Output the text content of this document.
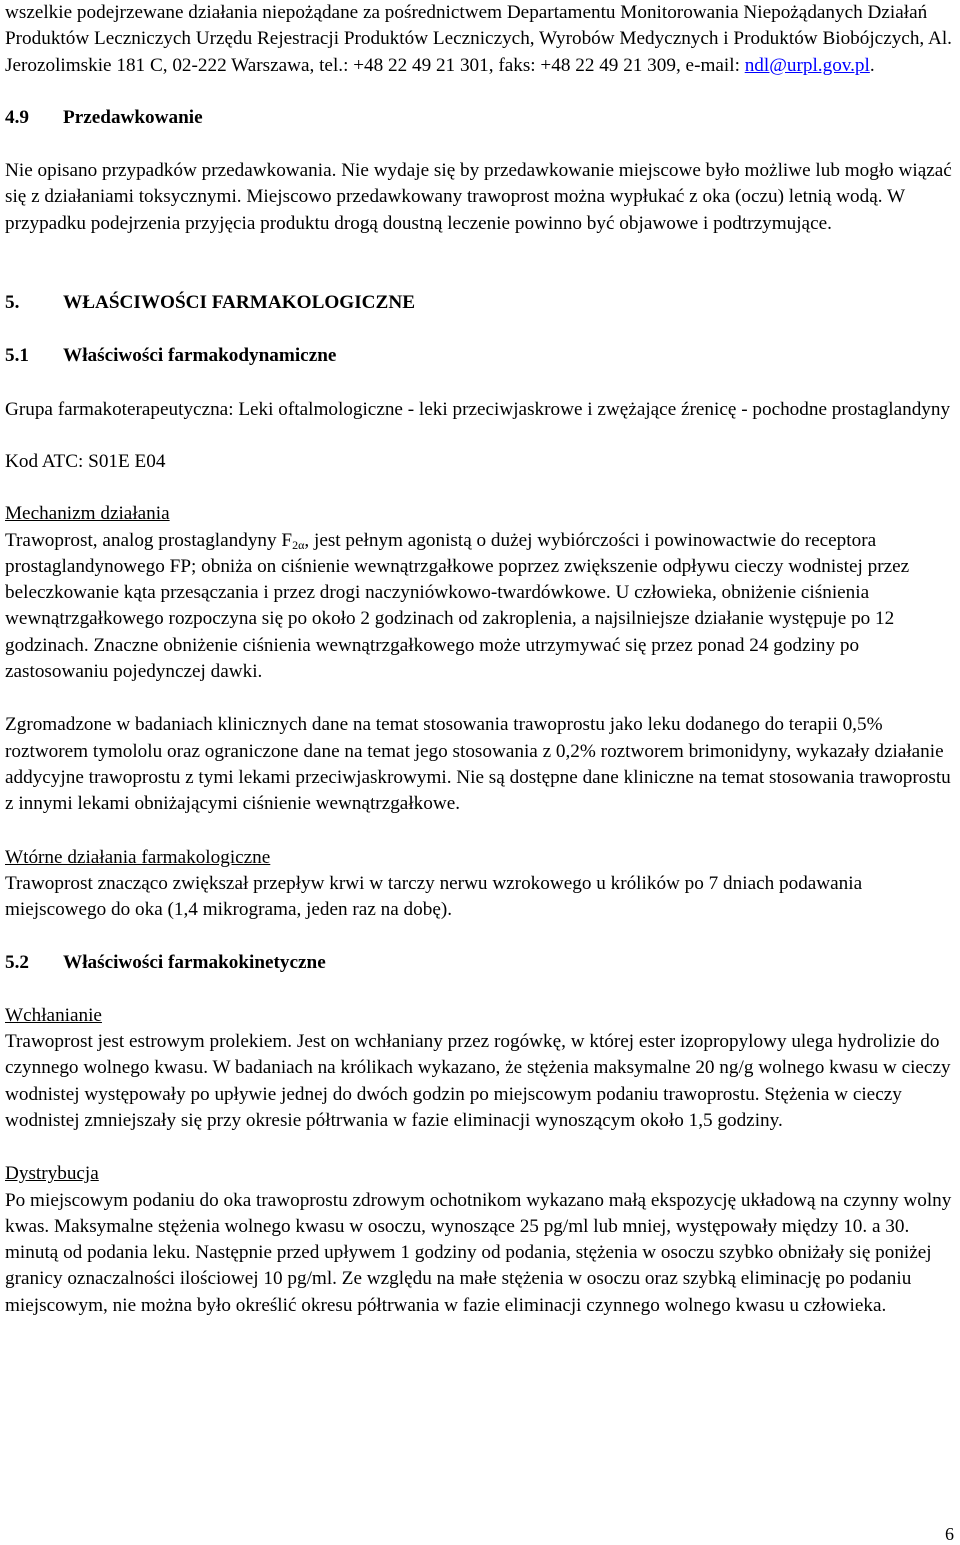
wszelkie podejrzewane działania niepożądane za pośrednictwem Departamentu Monitorowania Niepożądanych Działań Produktów Leczniczych Urzędu Rejestracji Produktów Leczniczych, Wyrobów Medycznych i Produktów Biobójczych, Al. Jerozolimskie 181 C, 02-222 Warszawa, tel.: +48 22 49 21 301, faks: +48 22 49 21 309, e-mail: ndl@urpl.gov.pl.

4.9 Przedawkowanie

Nie opisano przypadków przedawkowania. Nie wydaje się by przedawkowanie miejscowe było możliwe lub mogło wiązać się z działaniami toksycznymi. Miejscowo przedawkowany trawoprost można wypłukać z oka (oczu) letnią wodą. W przypadku podejrzenia przyjęcia produktu drogą doustną leczenie powinno być objawowe i podtrzymujące.

5. WŁAŚCIWOŚCI FARMAKOLOGICZNE

5.1 Właściwości farmakodynamiczne

Grupa farmakoterapeutyczna: Leki oftalmologiczne - leki przeciwjaskrowe i zwężające źrenicę - pochodne prostaglandyny

Kod ATC: S01E E04

Mechanizm działania

Trawoprost, analog prostaglandyny $F_{2\alpha}$, jest pełnym agonistą o dużej wybiórczości i powinowactwie do receptora prostaglandynowego FP; obniża on ciśnienie wewnątrzgałkowe poprzez zwiększenie odpływu cieczy wodnistej przez beleczkowanie kąta przesączania i przez drogi naczyniówkowo-twardówkowe. U człowieka, obniżenie ciśnienia wewnątrzgałkowego rozpoczyna się po około 2 godzinach od zakroplenia, a najsilniejsze działanie występuje po 12 godzinach. Znaczne obniżenie ciśnienia wewnątrzgałkowego może utrzymywać się przez ponad 24 godziny po zastosowaniu pojedynczej dawki.

Zgromadzone w badaniach klinicznych dane na temat stosowania trawoprostu jako leku dodanego do terapii 0,5% roztworem tymololu oraz ograniczone dane na temat jego stosowania z 0,2% roztworem brimonidyny, wykazały działanie addycyjne trawoprostu z tymi lekami przeciwjaskrowymi. Nie są dostępne dane kliniczne na temat stosowania trawoprostu z innymi lekami obniżającymi ciśnienie wewnątrzgałkowe.

Wtórne działania farmakologiczne

Trawoprost znacząco zwiększał przepływ krwi w tarczy nerwu wzrokowego u królików po 7 dniach podawania miejscowego do oka (1,4 mikrograma, jeden raz na dobę).

5.2 Właściwości farmakokinetyczne

Wchłanianie

Trawoprost jest estrowym prolekiem. Jest on wchłaniany przez rogówkę, w której ester izopropylowy ulega hydrolizie do czynnego wolnego kwasu. W badaniach na królikach wykazano, że stężenia maksymalne 20 ng/g wolnego kwasu w cieczy wodnistej występowały po upływie jednej do dwóch godzin po miejscowym podaniu trawoprostu. Stężenia w cieczy wodnistej zmniejszały się przy okresie półtrwania w fazie eliminacji wynoszącym około 1,5 godziny.

Dystrybucja

Po miejscowym podaniu do oka trawoprostu zdrowym ochotnikom wykazano małą ekspozycję układową na czynny wolny kwas. Maksymalne stężenia wolnego kwasu w osoczu, wynoszące 25 pg/ml lub mniej, występowały między 10. a 30. minutą od podania leku. Następnie przed upływem 1 godziny od podania, stężenia w osoczu szybko obniżały się poniżej granicy oznaczalności ilościowej 10 pg/ml. Ze względu na małe stężenia w osoczu oraz szybką eliminację po podaniu miejscowym, nie można było określić okresu półtrwania w fazie eliminacji czynnego wolnego kwasu u człowieka.

6
